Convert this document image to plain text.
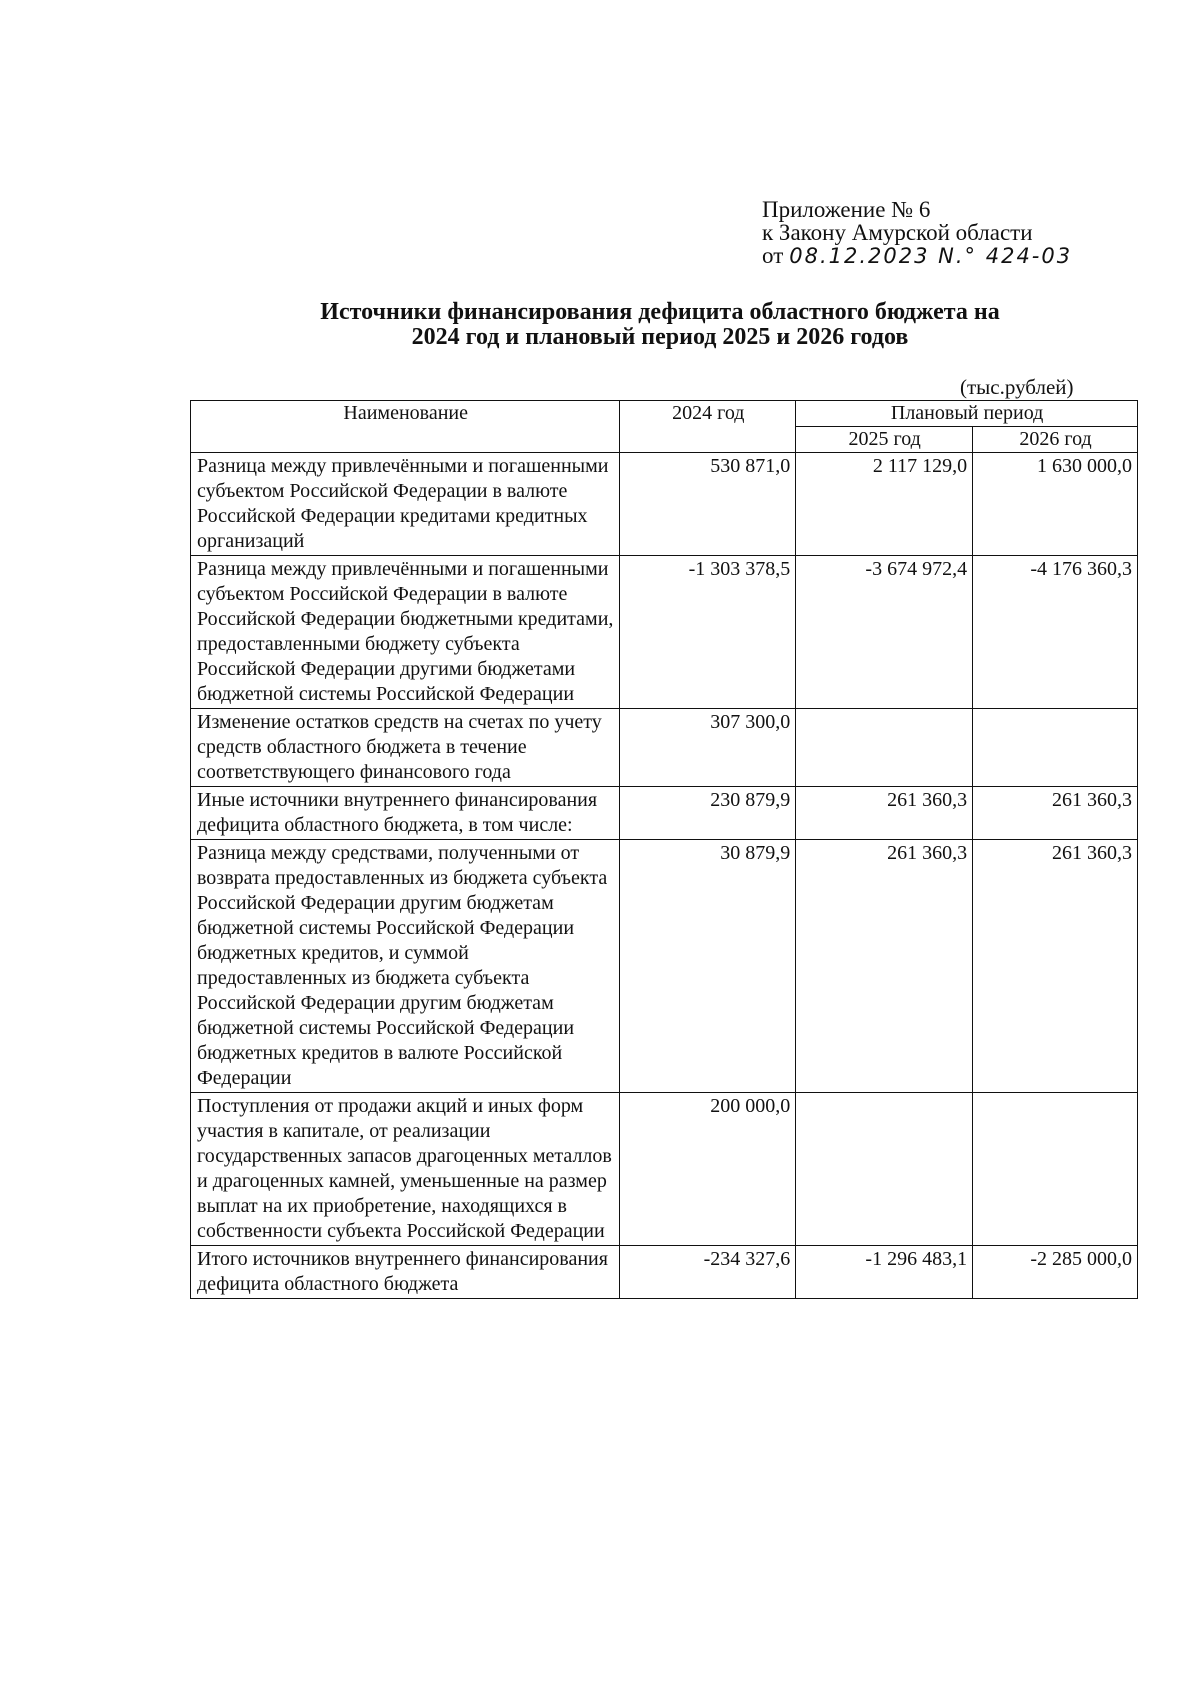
Приложение № 6
к Закону Амурской области
от 08.12.2023 N.° 424-03
Источники финансирования дефицита областного бюджета на
2024 год и плановый период 2025 и 2026 годов
(тыс.рублей)
Наименование	2024 год	Плановый период	
		2025 год	2026 год
Разница между привлечёнными и погашенными субъектом Российской Федерации в валюте Российской Федерации кредитами кредитных организаций	530 871,0	2 117 129,0	1 630 000,0
Разница между привлечёнными и погашенными субъектом Российской Федерации в валюте Российской Федерации бюджетными кредитами, предоставленными бюджету субъекта Российской Федерации другими бюджетами бюджетной системы Российской Федерации	-1 303 378,5	-3 674 972,4	-4 176 360,3
Изменение остатков средств на счетах по учету средств областного бюджета в течение соответствующего финансового года	307 300,0		
Иные источники внутреннего финансирования дефицита областного бюджета, в том числе:	230 879,9	261 360,3	261 360,3
Разница между средствами, полученными от возврата предоставленных из бюджета субъекта Российской Федерации другим бюджетам бюджетной системы Российской Федерации бюджетных кредитов, и суммой предоставленных из бюджета субъекта Российской Федерации другим бюджетам бюджетной системы Российской Федерации бюджетных кредитов в валюте Российской Федерации	30 879,9	261 360,3	261 360,3
Поступления от продажи акций и иных форм участия в капитале, от реализации государственных запасов драгоценных металлов и драгоценных камней, уменьшенные на размер выплат на их приобретение, находящихся в собственности субъекта Российской Федерации	200 000,0		
Итого источников внутреннего финансирования дефицита областного бюджета	-234 327,6	-1 296 483,1	-2 285 000,0
